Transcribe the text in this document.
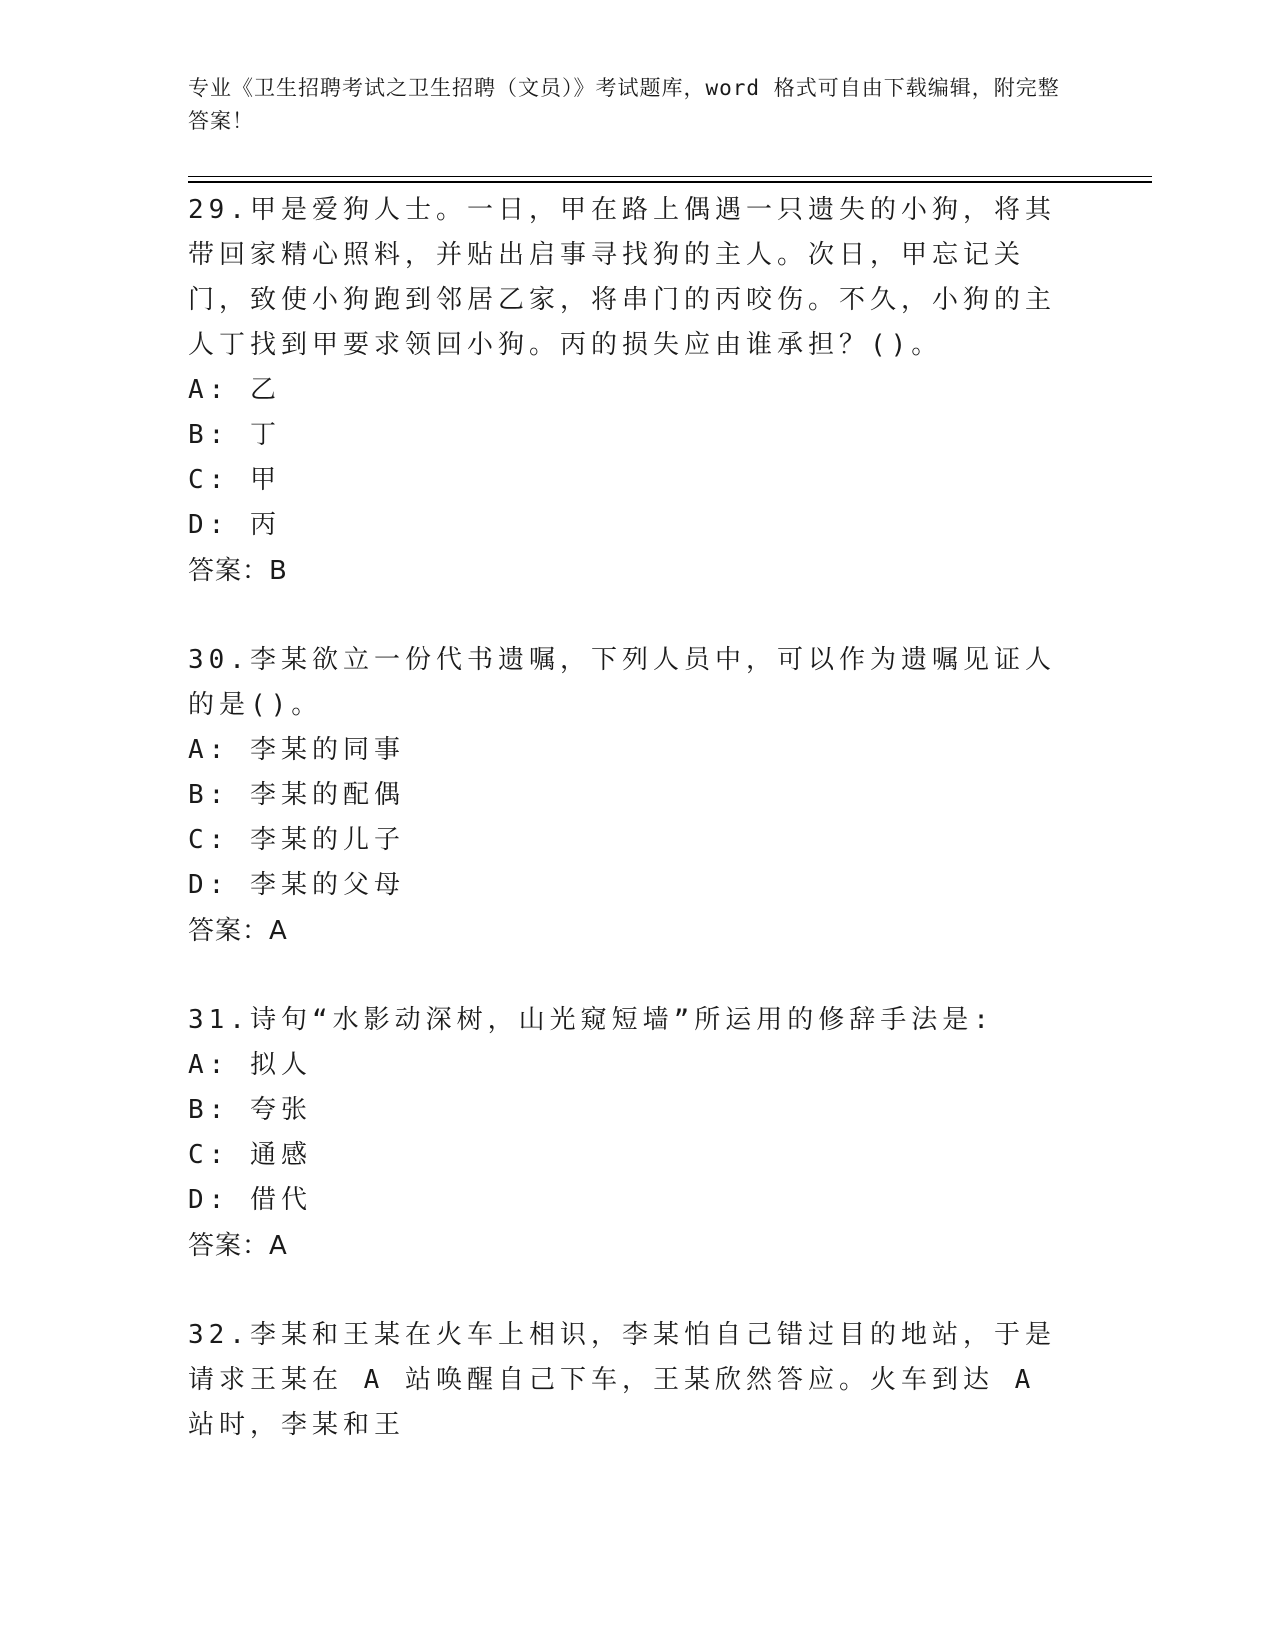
专业《卫生招聘考试之卫生招聘（文员）》考试题库，word 格式可自由下载编辑，附完整答案！
29.甲是爱狗人士。一日，甲在路上偶遇一只遗失的小狗，将其带回家精心照料，并贴出启事寻找狗的主人。次日，甲忘记关门，致使小狗跑到邻居乙家，将串门的丙咬伤。不久，小狗的主人丁找到甲要求领回小狗。丙的损失应由谁承担？()。
A: 乙
B: 丁
C: 甲
D: 丙
答案：B
30.李某欲立一份代书遗嘱，下列人员中，可以作为遗嘱见证人的是()。
A: 李某的同事
B: 李某的配偶
C: 李某的儿子
D: 李某的父母
答案：A
31.诗句“水影动深树，山光窥短墙”所运用的修辞手法是:
A: 拟人
B: 夸张
C: 通感
D: 借代
答案：A
32.李某和王某在火车上相识，李某怕自己错过目的地站，于是请求王某在 A 站唤醒自己下车，王某欣然答应。火车到达 A 站时，李某和王
